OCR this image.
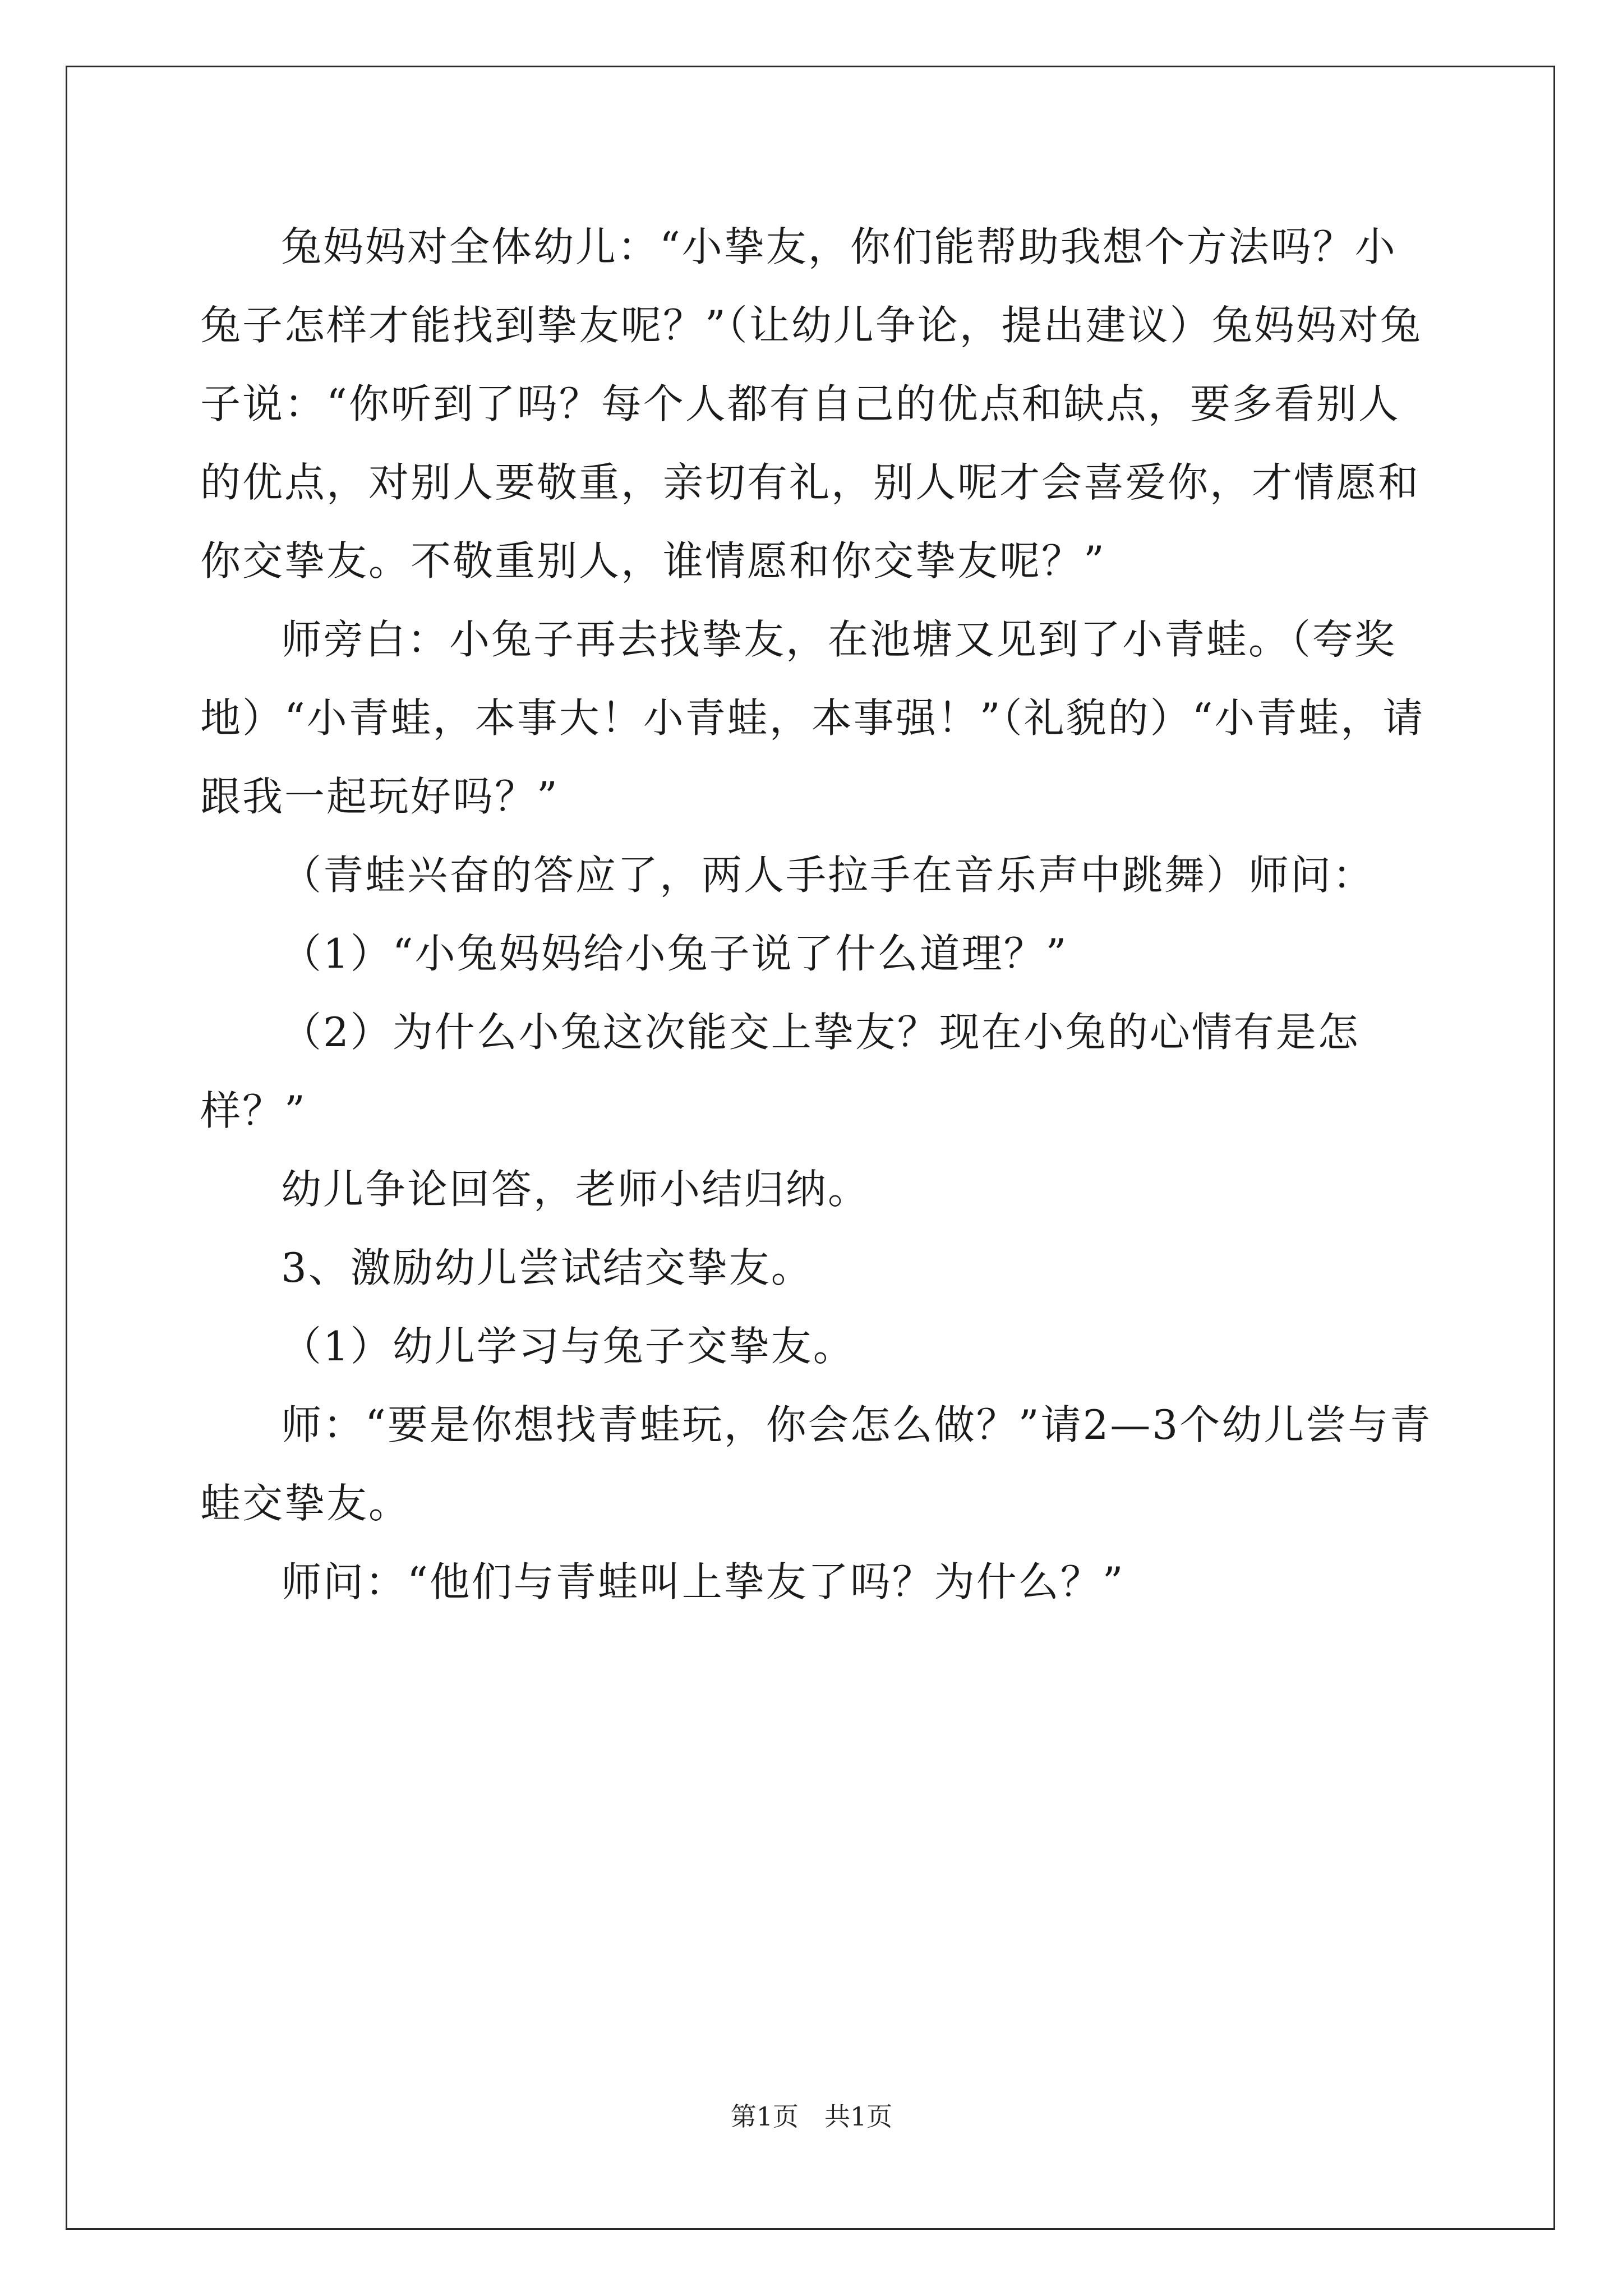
兔妈妈对全体幼儿：“小挚友，你们能帮助我想个方法吗？小兔子怎样才能找到挚友呢？”（让幼儿争论，提出建议）兔妈妈对兔子说：“你听到了吗？每个人都有自己的优点和缺点，要多看别人的优点，对别人要敬重，亲切有礼，别人呢才会喜爱你，才情愿和你交挚友。不敬重别人，谁情愿和你交挚友呢？”

师旁白：小兔子再去找挚友，在池塘又见到了小青蛙。（夸奖地）“小青蛙，本事大！小青蛙，本事强！”（礼貌的）“小青蛙，请跟我一起玩好吗？”

（青蛙兴奋的答应了，两人手拉手在音乐声中跳舞）师问：

（1）“小兔妈妈给小兔子说了什么道理？”

（2）为什么小兔这次能交上挚友？现在小兔的心情有是怎样？”

幼儿争论回答，老师小结归纳。

3、激励幼儿尝试结交挚友。

（1）幼儿学习与兔子交挚友。

师：“要是你想找青蛙玩，你会怎么做？”请2—3个幼儿尝与青蛙交挚友。

师问：“他们与青蛙叫上挚友了吗？为什么？”

第1页 共1页
